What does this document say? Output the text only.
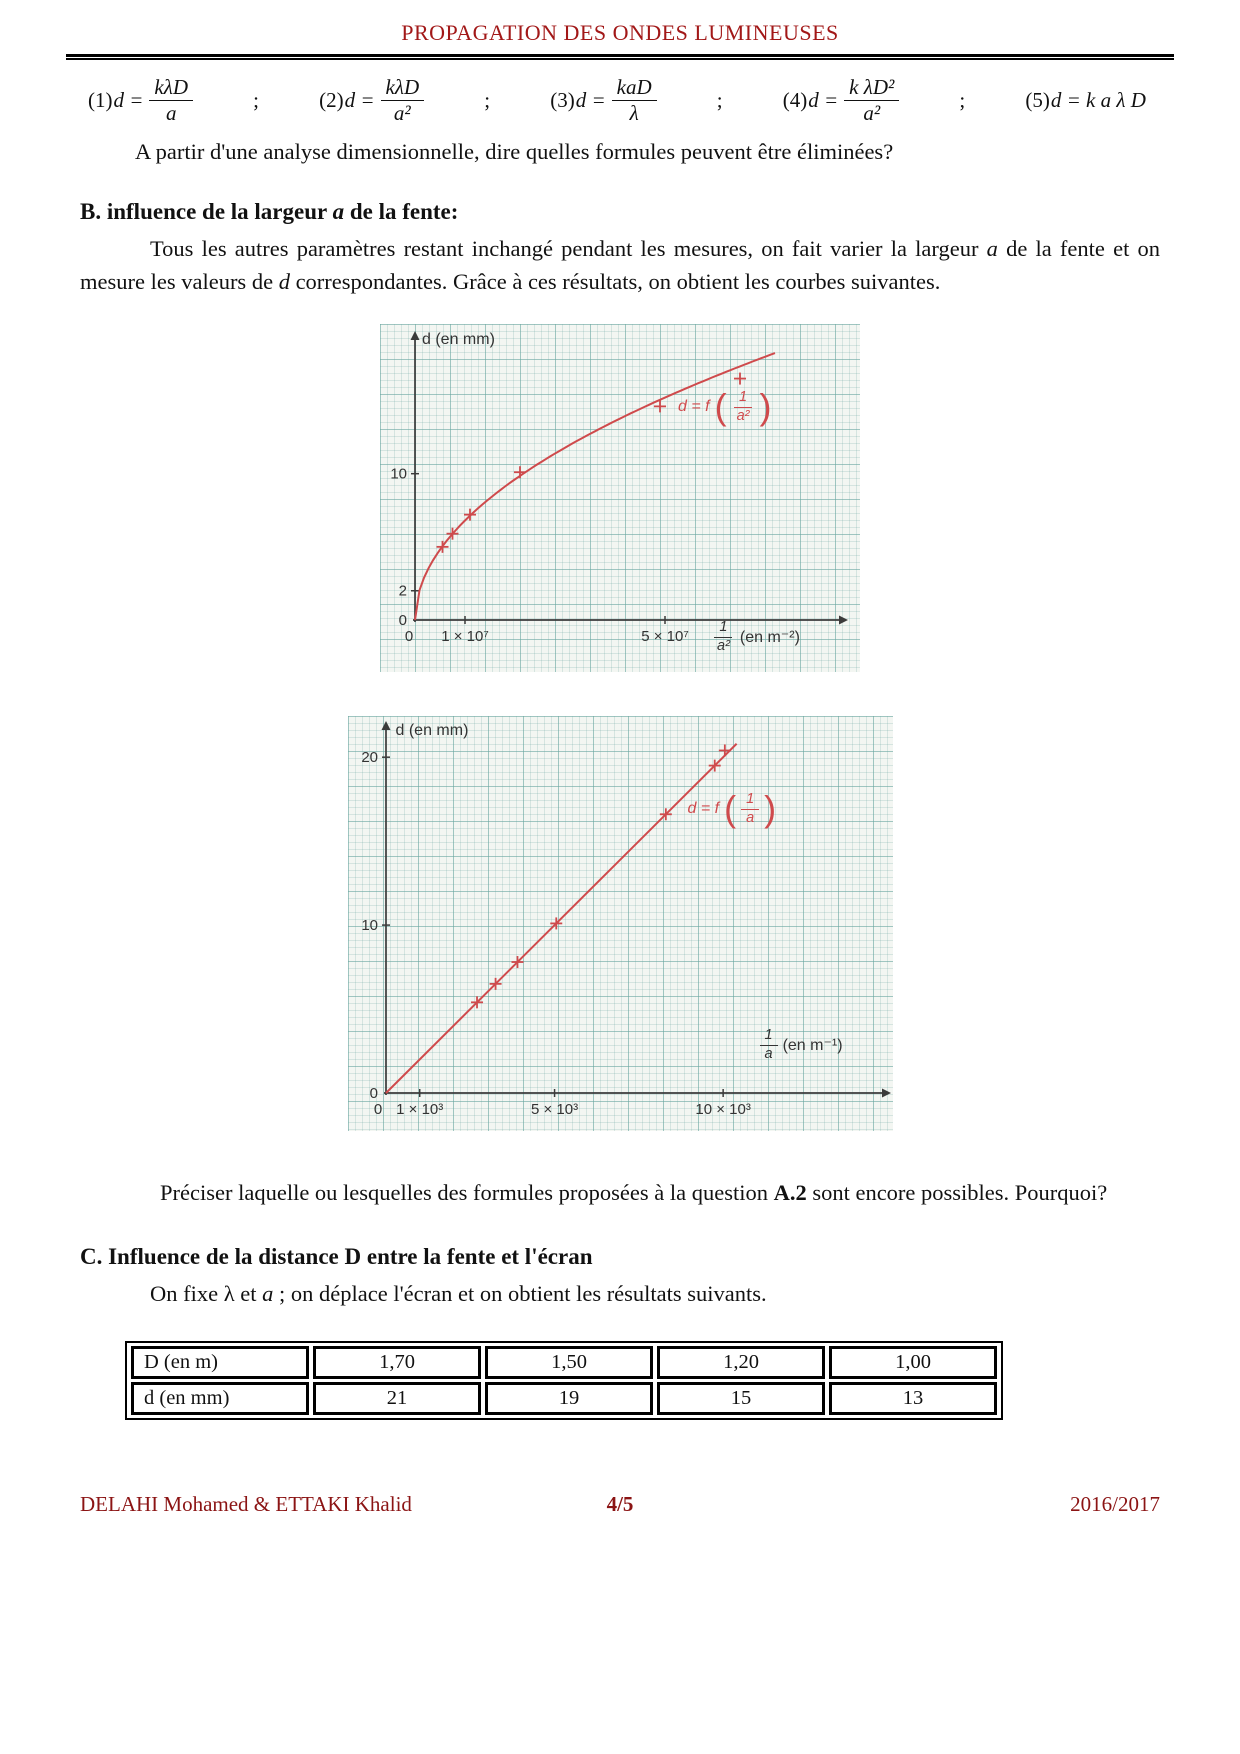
PROPAGATION DES ONDES LUMINEUSES
(1) $d = \frac{\text{kλD}}{a}$	;	(2) $d = \frac{\text{kλD}}{\text{a²}}$	;	(3) $d = \frac{\text{kaD}}{\lambda}$	;	(4) $d = \frac{\text{k λD²}}{\text{a²}}$	;	(5) d = k a λ D

A partir d'une analyse dimensionnelle, dire quelles formules peuvent être éliminées?

B. influence de la largeur a de la fente:

Tous les autres paramètres restant inchangé pendant les mesures, on fait varier la largeur a de la fente et on mesure les valeurs de d correspondantes. Grâce à ces résultats, on obtient les courbes suivantes.

0 1 × 10⁷	5 × 10⁷
0
2
10
d (en mm)
d = f ( $\frac{1}{\text{a²}}$ )
$\frac{1}{\text{a²}} (en$ m⁻²)
0 1 × 10³	5 × 10³	10 × 10³
0
10
20
d (en mm)
d = f ( $\frac{1}{a}$ )
$\frac{1}{a} (en$ m⁻¹)

Préciser laquelle ou lesquelles des formules proposées à la question A.2 sont encore possibles. Pourquoi?

C. Influence de la distance D entre la fente et l'écran

On fixe λ et a ; on déplace l'écran et on obtient les résultats suivants.

D (en m)	1,70	1,50	1,20	1,00
d (en mm)	21	19	15	13
DELAHI Mohamed & ETTAKI Khalid	4/5	2016/2017
